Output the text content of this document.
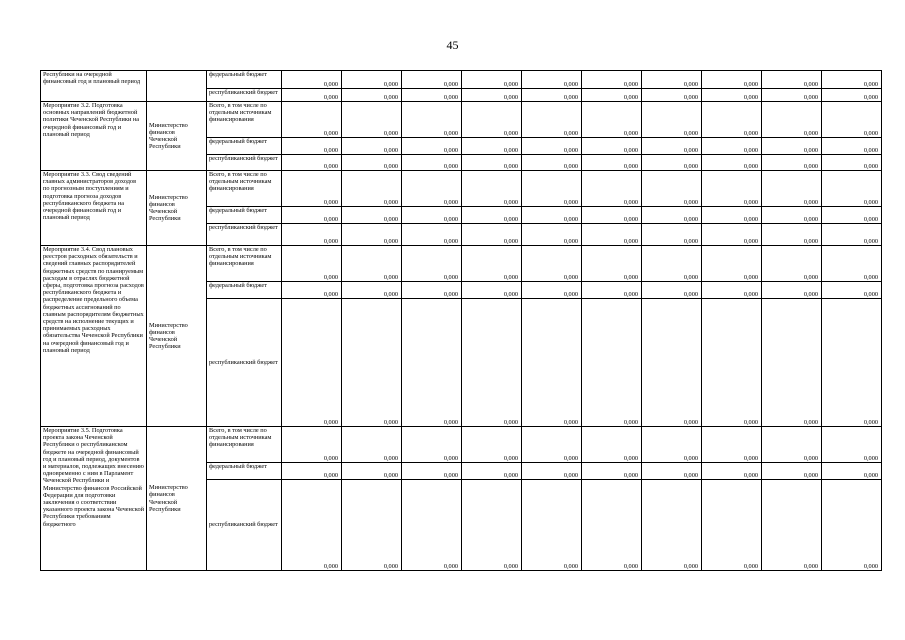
45
Республики на очередной финансовый год и плановый период		федеральный бюджет	0,000	0,000	0,000	0,000	0,000	0,000	0,000	0,000	0,000	0,000
		республиканский бюджет	0,000	0,000	0,000	0,000	0,000	0,000	0,000	0,000	0,000	0,000
Мероприятие 3.2. Подготовка основных направлений бюджетной политики Чеченской Республики на очередной финансовый год и плановый период	Министерство финансов Чеченской Республики	Всего, в том числе по отдельным источникам финансирования	0,000	0,000	0,000	0,000	0,000	0,000	0,000	0,000	0,000	0,000
		федеральный бюджет	0,000	0,000	0,000	0,000	0,000	0,000	0,000	0,000	0,000	0,000
		республиканский бюджет	0,000	0,000	0,000	0,000	0,000	0,000	0,000	0,000	0,000	0,000
Мероприятие 3.3. Свод сведений главных администраторов доходов по прогнозным поступлениям и подготовка прогноза доходов республиканского бюджета на очередной финансовый год и плановый период	Министерство финансов Чеченской Республики	Всего, в том числе по отдельным источникам финансирования	0,000	0,000	0,000	0,000	0,000	0,000	0,000	0,000	0,000	0,000
		федеральный бюджет	0,000	0,000	0,000	0,000	0,000	0,000	0,000	0,000	0,000	0,000
		республиканский бюджет	0,000	0,000	0,000	0,000	0,000	0,000	0,000	0,000	0,000	0,000
Мероприятие 3.4. Свод плановых реестров расходных обязательств и сведений главных распорядителей бюджетных средств по планируемым расходам в отраслях бюджетной сферы, подготовка прогноза расходов республиканского бюджета и распределение предельного объема бюджетных ассигнований по главным распорядителям бюджетных средств на исполнение текущих и принимаемых расходных обязательства Чеченской Республики на очередной финансовый год и плановый период	Министерство финансов Чеченской Республики	Всего, в том числе по отдельным источникам финансирования	0,000	0,000	0,000	0,000	0,000	0,000	0,000	0,000	0,000	0,000
		федеральный бюджет	0,000	0,000	0,000	0,000	0,000	0,000	0,000	0,000	0,000	0,000
		республиканский бюджет	0,000	0,000	0,000	0,000	0,000	0,000	0,000	0,000	0,000	0,000
Мероприятие 3.5. Подготовка проекта закона Чеченской Республики о республиканском бюджете на очередной финансовый год и плановый период, документов и материалов, подлежащих внесению одновременно с ним в Парламент Чеченской Республики и Министерство финансов Российской Федерации для подготовки заключения о соответствии указанного проекта закона Чеченской Республики требованиям бюджетного	Министерство финансов Чеченской Республики	Всего, в том числе по отдельным источникам финансирования	0,000	0,000	0,000	0,000	0,000	0,000	0,000	0,000	0,000	0,000
		федеральный бюджет	0,000	0,000	0,000	0,000	0,000	0,000	0,000	0,000	0,000	0,000
		республиканский бюджет	0,000	0,000	0,000	0,000	0,000	0,000	0,000	0,000	0,000	0,000
